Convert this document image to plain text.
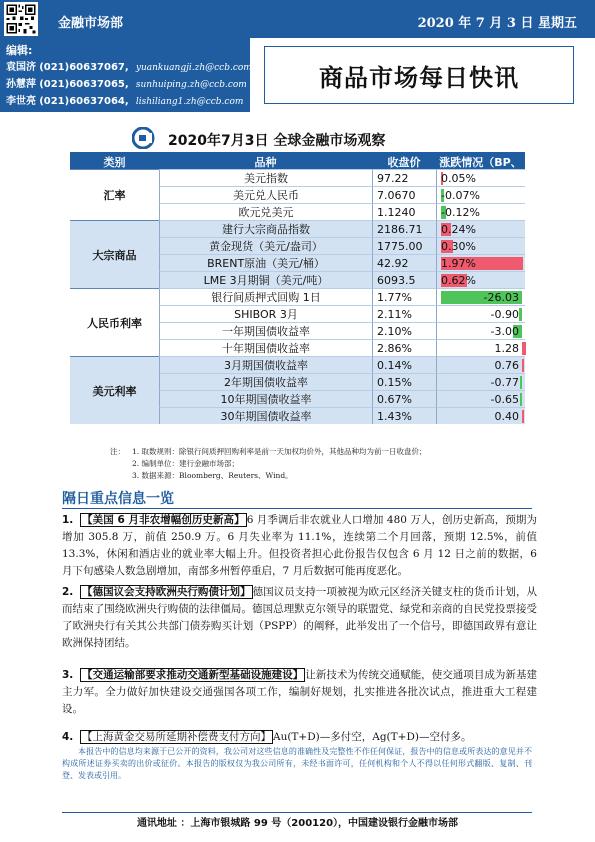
金融市场部	2020 年 7 月 3 日 星期五
编辑:
袁国济 (021)60637067, yuankuangji.zh@ccb.com
孙慧萍 (021)60637065, sunhuiping.zh@ccb.com
李世亮 (021)60637064, lishiliang1.zh@ccb.com
商品市场每日快讯
2020年7月3日 全球金融市场观察
类别	品种	收盘价	涨跌情况（BP、
汇率
美元指数	97.22	0.05%
美元兑人民币	7.0670	-0.07%
欧元兑美元	1.1240	-0.12%
大宗商品
建行大宗商品指数	2186.71	0.24%
黄金现货（美元/盎司）	1775.00	0.30%
BRENT原油（美元/桶）	42.92	1.97%
LME 3月期铜（美元/吨）	6093.5	0.62%
人民币利率
银行间质押式回购 1日	1.77%	-26.03
SHIBOR 3月	2.11%	-0.90
一年期国债收益率	2.10%	-3.00
十年期国债收益率	2.86%	1.28
美元利率
3月期国债收益率	0.14%	0.76
2年期国债收益率	0.15%	-0.77
10年期国债收益率	0.67%	-0.65
30年期国债收益率	1.43%	0.40
注： 1. 取数规则：除银行间质押回购利率是前一天加权均价外，其他品种均为前一日收盘价；
2. 编制单位：建行金融市场部；
3. 数据来源：Bloomberg、Reuters、Wind。
隔日重点信息一览
1. 【美国 6 月非农增幅创历史新高】 6 月季调后非农就业人口增加 480 万人，创历史新高，预期为增加 305.8 万，前值 250.9 万。6 月失业率为 11.1%，连续第二个月回落，预期 12.5%，前值 13.3%，休闲和酒店业的就业率大幅上升。但投资者担心此份报告仅包含 6 月 12 日之前的数据，6 月下旬感染人数急剧增加，南部多州暂停重启，7 月后数据可能再度恶化。
2. 【德国议会支持欧洲央行购债计划】 德国议员支持一项被视为欧元区经济关键支柱的货币计划，从而结束了围绕欧洲央行购债的法律僵局。德国总理默克尔领导的联盟党、绿党和亲商的自民党投票接受了欧洲央行有关其公共部门债券购买计划（PSPP）的阐释，此举发出了一个信号，即德国政界有意让欧洲保持团结。
3. 【交通运输部要求推动交通新型基础设施建设】 让新技术为传统交通赋能，使交通项目成为新基建主力军。全力做好加快建设交通强国各项工作，编制好规划，扎实推进各批次试点，推进重大工程建设。
4. 【上海黄金交易所延期补偿费支付方向】 Au(T+D)—多付空，Ag(T+D)—空付多。
本报告中的信息均来源于已公开的资料，我公司对这些信息的准确性及完整性不作任何保证，报告中的信息或所表达的意见并不构成所述证券买卖的出价或征价。本报告的版权仅为我公司所有，未经书面许可，任何机构和个人不得以任何形式翻版、复制、刊登、发表或引用。
通讯地址 ：上海市银城路 99 号（200120），中国建设银行金融市场部
